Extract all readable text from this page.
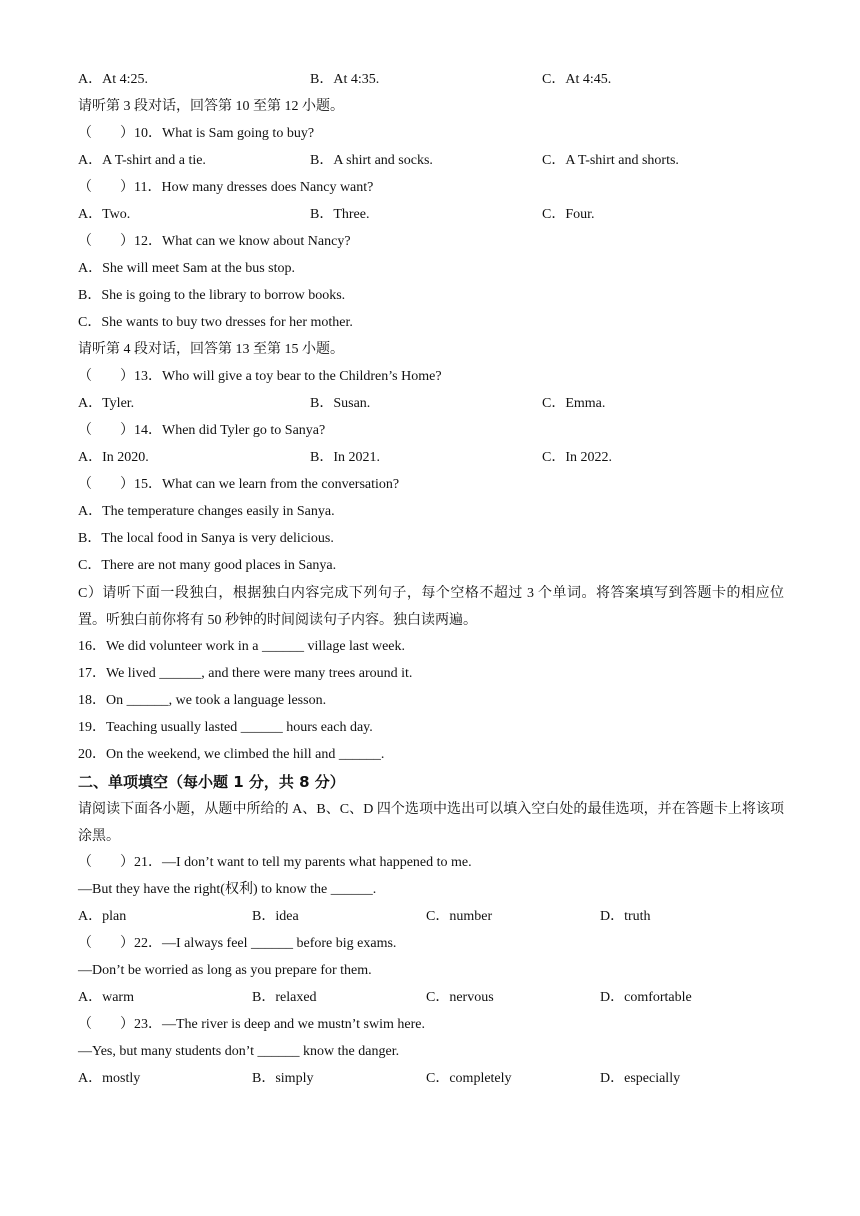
A．At 4:25.	B．At 4:35.	C．At 4:45.
请听第 3 段对话，回答第 10 至第 12 小题。
（　　）10．What is Sam going to buy?
A．A T-shirt and a tie.	B．A shirt and socks.	C．A T-shirt and shorts.
（　　）11．How many dresses does Nancy want?
A．Two.	B．Three.	C．Four.
（　　）12．What can we know about Nancy?
A．She will meet Sam at the bus stop.
B．She is going to the library to borrow books.
C．She wants to buy two dresses for her mother.
请听第 4 段对话，回答第 13 至第 15 小题。
（　　）13．Who will give a toy bear to the Children’s Home?
A．Tyler.	B．Susan.	C．Emma.
（　　）14．When did Tyler go to Sanya?
A．In 2020.	B．In 2021.	C．In 2022.
（　　）15．What can we learn from the conversation?
A．The temperature changes easily in Sanya.
B．The local food in Sanya is very delicious.
C．There are not many good places in Sanya.
C）请听下面一段独白，根据独白内容完成下列句子，每个空格不超过 3 个单词。将答案填写到答题卡的相应位置。听独白前你将有 50 秒钟的时间阅读句子内容。独白读两遍。
16．We did volunteer work in a ______ village last week.
17．We lived ______, and there were many trees around it.
18．On ______, we took a language lesson.
19．Teaching usually lasted ______ hours each day.
20．On the weekend, we climbed the hill and ______.
二、单项填空（每小题 1 分，共 8 分）
请阅读下面各小题，从题中所给的 A、B、C、D 四个选项中选出可以填入空白处的最佳选项，并在答题卡上将该项涂黑。
（　　）21．—I don’t want to tell my parents what happened to me.
—But they have the right(权利) to know the ______.
A．plan	B．idea	C．number	D．truth
（　　）22．—I always feel ______ before big exams.
—Don’t be worried as long as you prepare for them.
A．warm	B．relaxed	C．nervous	D．comfortable
（　　）23．—The river is deep and we mustn’t swim here.
—Yes, but many students don’t ______ know the danger.
A．mostly	B．simply	C．completely	D．especially
